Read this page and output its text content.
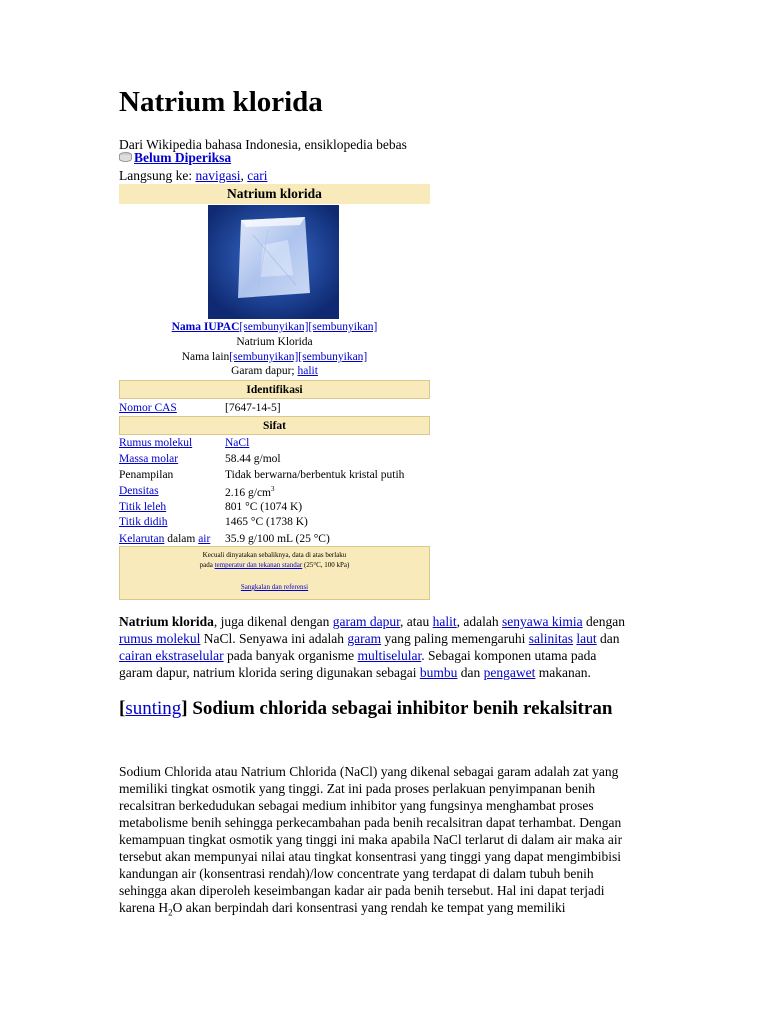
Natrium klorida
Dari Wikipedia bahasa Indonesia, ensiklopedia bebas
Belum Diperiksa
Langsung ke: navigasi, cari
Natrium klorida
Nama IUPAC[sembunyikan][sembunyikan]
Natrium Klorida
Nama lain[sembunyikan][sembunyikan]
Garam dapur; halit
Identifikasi
Nomor CAS	[7647-14-5]
Sifat
Rumus molekul	NaCl
Massa molar	58.44 g/mol
Penampilan	Tidak berwarna/berbentuk kristal putih
Densitas	2.16 $g/cm^3$
Titik leleh	801 °C (1074 K)
Titik didih	1465 °C (1738 K)
Kelarutan dalam air 35.9 g/100 mL (25 °C)
Kecuali dinyatakan sebaliknya, data di atas berlaku
pada temperatur dan tekanan standar (25°C, 100 kPa)
Sangkalan dan referensi
Natrium klorida, juga dikenal dengan garam dapur, atau halit, adalah senyawa kimia dengan
rumus molekul NaCl. Senyawa ini adalah garam yang paling memengaruhi salinitas laut dan
cairan ekstraselular pada banyak organisme multiselular. Sebagai komponen utama pada
garam dapur, natrium klorida sering digunakan sebagai bumbu dan pengawet makanan.
[sunting] Sodium chlorida sebagai inhibitor benih rekalsitran
Sodium Chlorida atau Natrium Chlorida (NaCl) yang dikenal sebagai garam adalah zat yang
memiliki tingkat osmotik yang tinggi. Zat ini pada proses perlakuan penyimpanan benih
recalsitran berkedudukan sebagai medium inhibitor yang fungsinya menghambat proses
metabolisme benih sehingga perkecambahan pada benih recalsitran dapat terhambat. Dengan
kemampuan tingkat osmotik yang tinggi ini maka apabila NaCl terlarut di dalam air maka air
tersebut akan mempunyai nilai atau tingkat konsentrasi yang tinggi yang dapat mengimbibisi
kandungan air (konsentrasi rendah)/low concentrate yang terdapat di dalam tubuh benih
sehingga akan diperoleh keseimbangan kadar air pada benih tersebut. Hal ini dapat terjadi
karena $H_2O$ akan berpindah dari konsentrasi yang rendah ke tempat yang memiliki
